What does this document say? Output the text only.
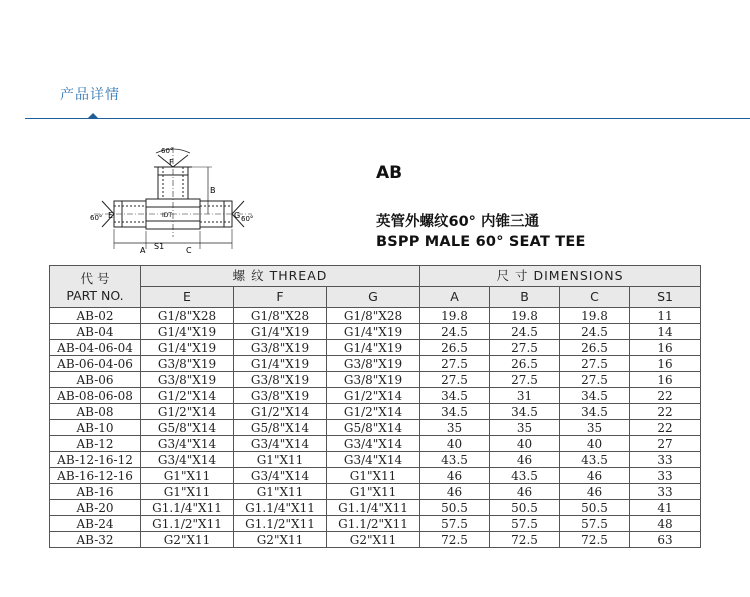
产品详情
60°
F
60° E	G 60°
B
IDT
A S1	C
AB
英管外螺纹60° 内锥三通
BSPP MALE 60° SEAT TEE
代 号
PART NO.	螺 纹 THREAD			尺 寸 DIMENSIONS			
	E	F	G	A	B	C	S1
AB-02	G1/8"X28	G1/8"X28	G1/8"X28	19.8	19.8	19.8	11
AB-04	G1/4"X19	G1/4"X19	G1/4"X19	24.5	24.5	24.5	14
AB-04-06-04	G1/4"X19	G3/8"X19	G1/4"X19	26.5	27.5	26.5	16
AB-06-04-06	G3/8"X19	G1/4"X19	G3/8"X19	27.5	26.5	27.5	16
AB-06	G3/8"X19	G3/8"X19	G3/8"X19	27.5	27.5	27.5	16
AB-08-06-08	G1/2"X14	G3/8"X19	G1/2"X14	34.5	31	34.5	22
AB-08	G1/2"X14	G1/2"X14	G1/2"X14	34.5	34.5	34.5	22
AB-10	G5/8"X14	G5/8"X14	G5/8"X14	35	35	35	22
AB-12	G3/4"X14	G3/4"X14	G3/4"X14	40	40	40	27
AB-12-16-12	G3/4"X14	G1"X11	G3/4"X14	43.5	46	43.5	33
AB-16-12-16	G1"X11	G3/4"X14	G1"X11	46	43.5	46	33
AB-16	G1"X11	G1"X11	G1"X11	46	46	46	33
AB-20	G1.1/4"X11	G1.1/4"X11	G1.1/4"X11	50.5	50.5	50.5	41
AB-24	G1.1/2"X11	G1.1/2"X11	G1.1/2"X11	57.5	57.5	57.5	48
AB-32	G2"X11	G2"X11	G2"X11	72.5	72.5	72.5	63
